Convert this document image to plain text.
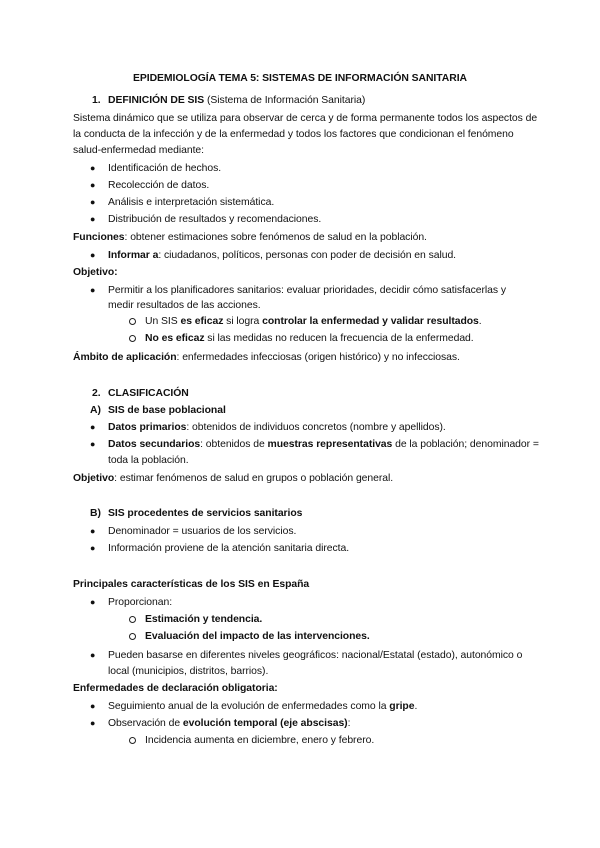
EPIDEMIOLOGÍA TEMA 5: SISTEMAS DE INFORMACIÓN SANITARIA
1. DEFINICIÓN DE SIS (Sistema de Información Sanitaria)
Sistema dinámico que se utiliza para observar de cerca y de forma permanente todos los aspectos de
la conducta de la infección y de la enfermedad y todos los factores que condicionan el fenómeno
salud-enfermedad mediante:
● Identificación de hechos.
● Recolección de datos.
● Análisis e interpretación sistemática.
● Distribución de resultados y recomendaciones.
Funciones: obtener estimaciones sobre fenómenos de salud en la población.
● Informar a: ciudadanos, políticos, personas con poder de decisión en salud.
Objetivo:
● Permitir a los planificadores sanitarios: evaluar prioridades, decidir cómo satisfacerlas y
medir resultados de las acciones.
Un SIS es eficaz si logra controlar la enfermedad y validar resultados.
No es eficaz si las medidas no reducen la frecuencia de la enfermedad.
Ámbito de aplicación: enfermedades infecciosas (origen histórico) y no infecciosas.
2. CLASIFICACIÓN
A) SIS de base poblacional
● Datos primarios: obtenidos de individuos concretos (nombre y apellidos).
● Datos secundarios: obtenidos de muestras representativas de la población; denominador =
toda la población.
Objetivo: estimar fenómenos de salud en grupos o población general.
B) SIS procedentes de servicios sanitarios
● Denominador = usuarios de los servicios.
● Información proviene de la atención sanitaria directa.
Principales características de los SIS en España
● Proporcionan:
Estimación y tendencia.
Evaluación del impacto de las intervenciones.
● Pueden basarse en diferentes niveles geográficos: nacional/Estatal (estado), autonómico o
local (municipios, distritos, barrios).
Enfermedades de declaración obligatoria:
● Seguimiento anual de la evolución de enfermedades como la gripe.
● Observación de evolución temporal (eje abscisas):
Incidencia aumenta en diciembre, enero y febrero.
